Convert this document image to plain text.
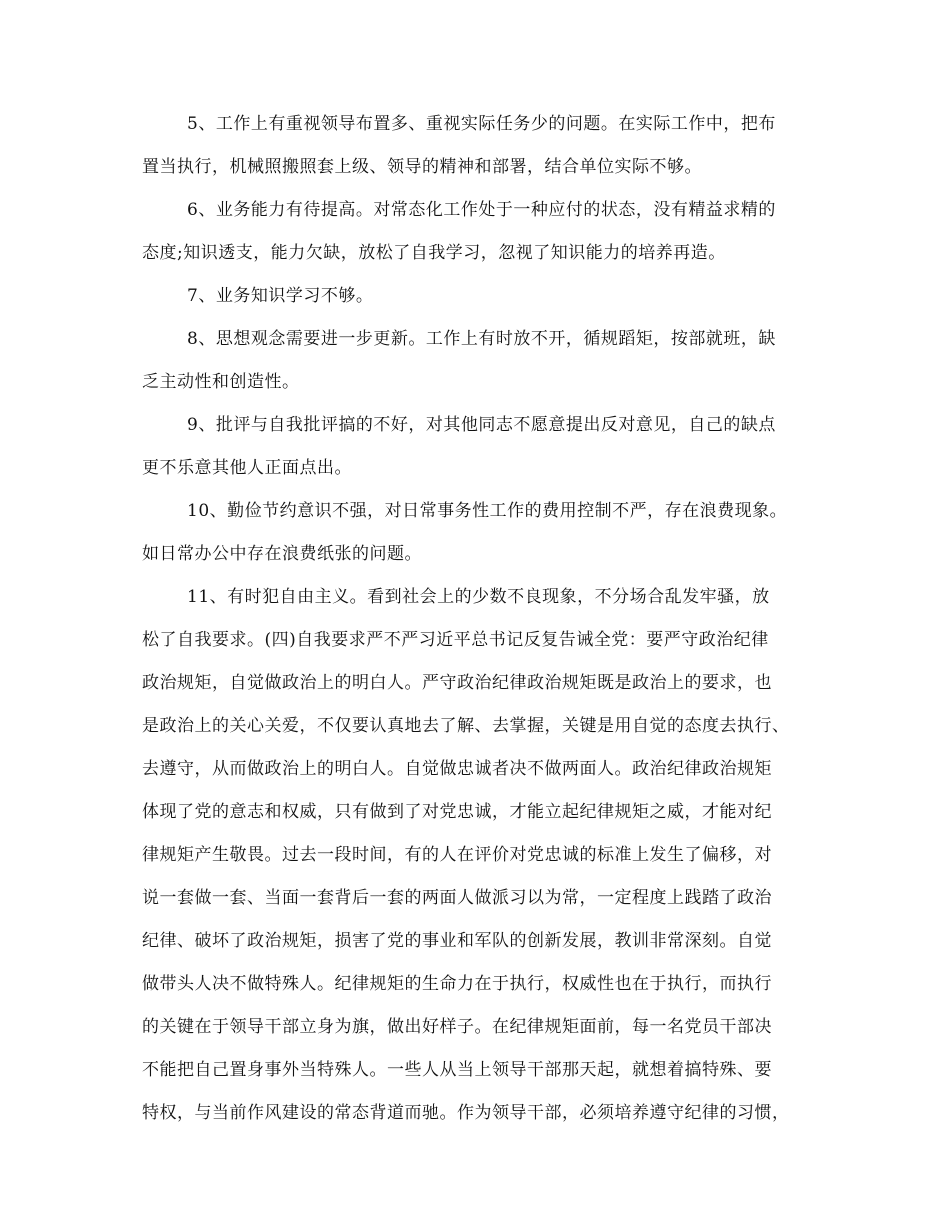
5、工作上有重视领导布置多、重视实际任务少的问题。在实际工作中，把布
置当执行，机械照搬照套上级、领导的精神和部署，结合单位实际不够。
6、业务能力有待提高。对常态化工作处于一种应付的状态，没有精益求精的
态度;知识透支，能力欠缺，放松了自我学习，忽视了知识能力的培养再造。
7、业务知识学习不够。
8、思想观念需要进一步更新。工作上有时放不开，循规蹈矩，按部就班，缺
乏主动性和创造性。
9、批评与自我批评搞的不好，对其他同志不愿意提出反对意见，自己的缺点
更不乐意其他人正面点出。
10、勤俭节约意识不强，对日常事务性工作的费用控制不严，存在浪费现象。
如日常办公中存在浪费纸张的问题。
11、有时犯自由主义。看到社会上的少数不良现象，不分场合乱发牢骚，放
松了自我要求。(四)自我要求严不严习近平总书记反复告诫全党：要严守政治纪律
政治规矩，自觉做政治上的明白人。严守政治纪律政治规矩既是政治上的要求，也
是政治上的关心关爱，不仅要认真地去了解、去掌握，关键是用自觉的态度去执行、
去遵守，从而做政治上的明白人。自觉做忠诚者决不做两面人。政治纪律政治规矩
体现了党的意志和权威，只有做到了对党忠诚，才能立起纪律规矩之威，才能对纪
律规矩产生敬畏。过去一段时间，有的人在评价对党忠诚的标准上发生了偏移，对
说一套做一套、当面一套背后一套的两面人做派习以为常，一定程度上践踏了政治
纪律、破坏了政治规矩，损害了党的事业和军队的创新发展，教训非常深刻。自觉
做带头人决不做特殊人。纪律规矩的生命力在于执行，权威性也在于执行，而执行
的关键在于领导干部立身为旗，做出好样子。在纪律规矩面前，每一名党员干部决
不能把自己置身事外当特殊人。一些人从当上领导干部那天起，就想着搞特殊、要
特权，与当前作风建设的常态背道而驰。作为领导干部，必须培养遵守纪律的习惯，
